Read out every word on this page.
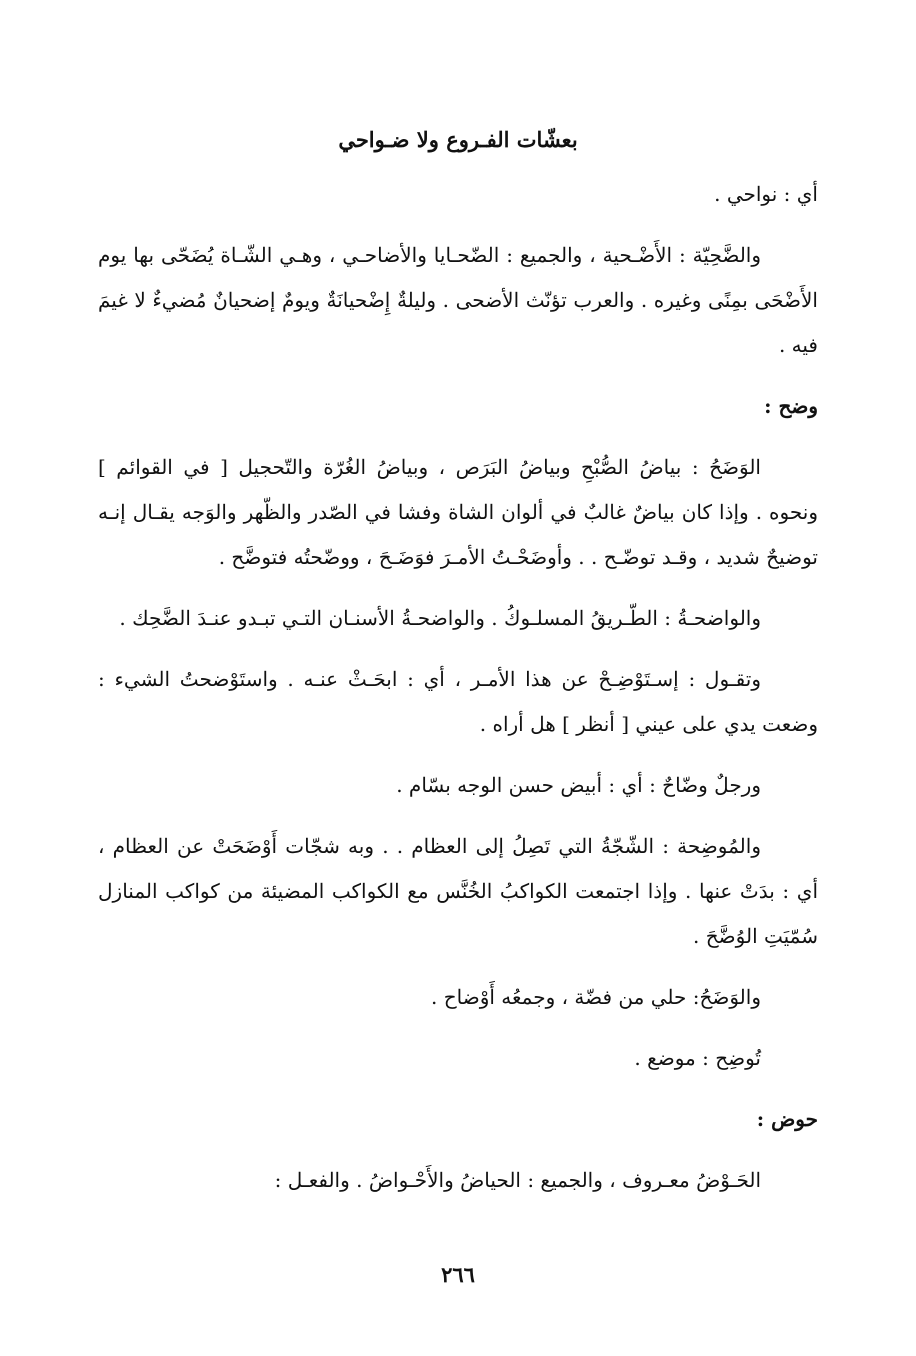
بعشّات الفـروع ولا ضـواحي

أي : نواحي .

والضَّحِيّة : الأَضْـحية ، والجميع : الضّحـايا والأضاحـي ، وهـي الشّـاة يُضَحّى بها يوم الأَضْحَى بمِنًى وغيره . والعرب تؤنّث الأضحى . وليلةٌ إِضْحيانَةٌ ويومٌ إضحيانٌ مُضيءٌ لا غيمَ فيه .

وضح :

الوَضَحُ : بياضُ الصُّبْحِ وبياضُ البَرَص ، وبياضُ الغُرّة والتّحجيل [ في القوائم ] ونحوه . وإذا كان بياضٌ غالبٌ في ألوان الشاة وفشا في الصّدر والظّهر والوَجه يقـال إنـه توضيحٌ شديد ، وقـد توضّـح . . وأوضَحْـتُ الأمـرَ فوَضَـحَ ، ووضّحتُه فتوضَّح .

والواضحـةُ : الطّـريقُ المسلـوكُ . والواضحـةُ الأسنـان التـي تبـدو عنـدَ الضَّحِك .

وتقـول : إسـتَوْضِـحْ عن هذا الأمـر ، أي : ابحَـثْ عنـه . واستَوْضحتُ الشيء : وضعت يدي على عيني [ أنظر ] هل أراه .

ورجلٌ وضّاحٌ : أي : أبيض حسن الوجه بسّام .

والمُوضِحة : الشّجّةُ التي تَصِلُ إلى العظام . . وبه شجّات أَوْضَحَتْ عن العظام ، أي : بدَتْ عنها . وإذا اجتمعت الكواكبُ الخُنَّس مع الكواكب المضيئة من كواكب المنازل سُمّيَتِ الوُضَّحَ .

والوَضَحُ: حلي من فضّة ، وجمعُه أَوْضاح .

تُوضِح : موضع .

حوض :

الحَـوْضُ معـروف ، والجميع : الحياضُ والأَحْـواضُ . والفعـل :

٢٦٦
